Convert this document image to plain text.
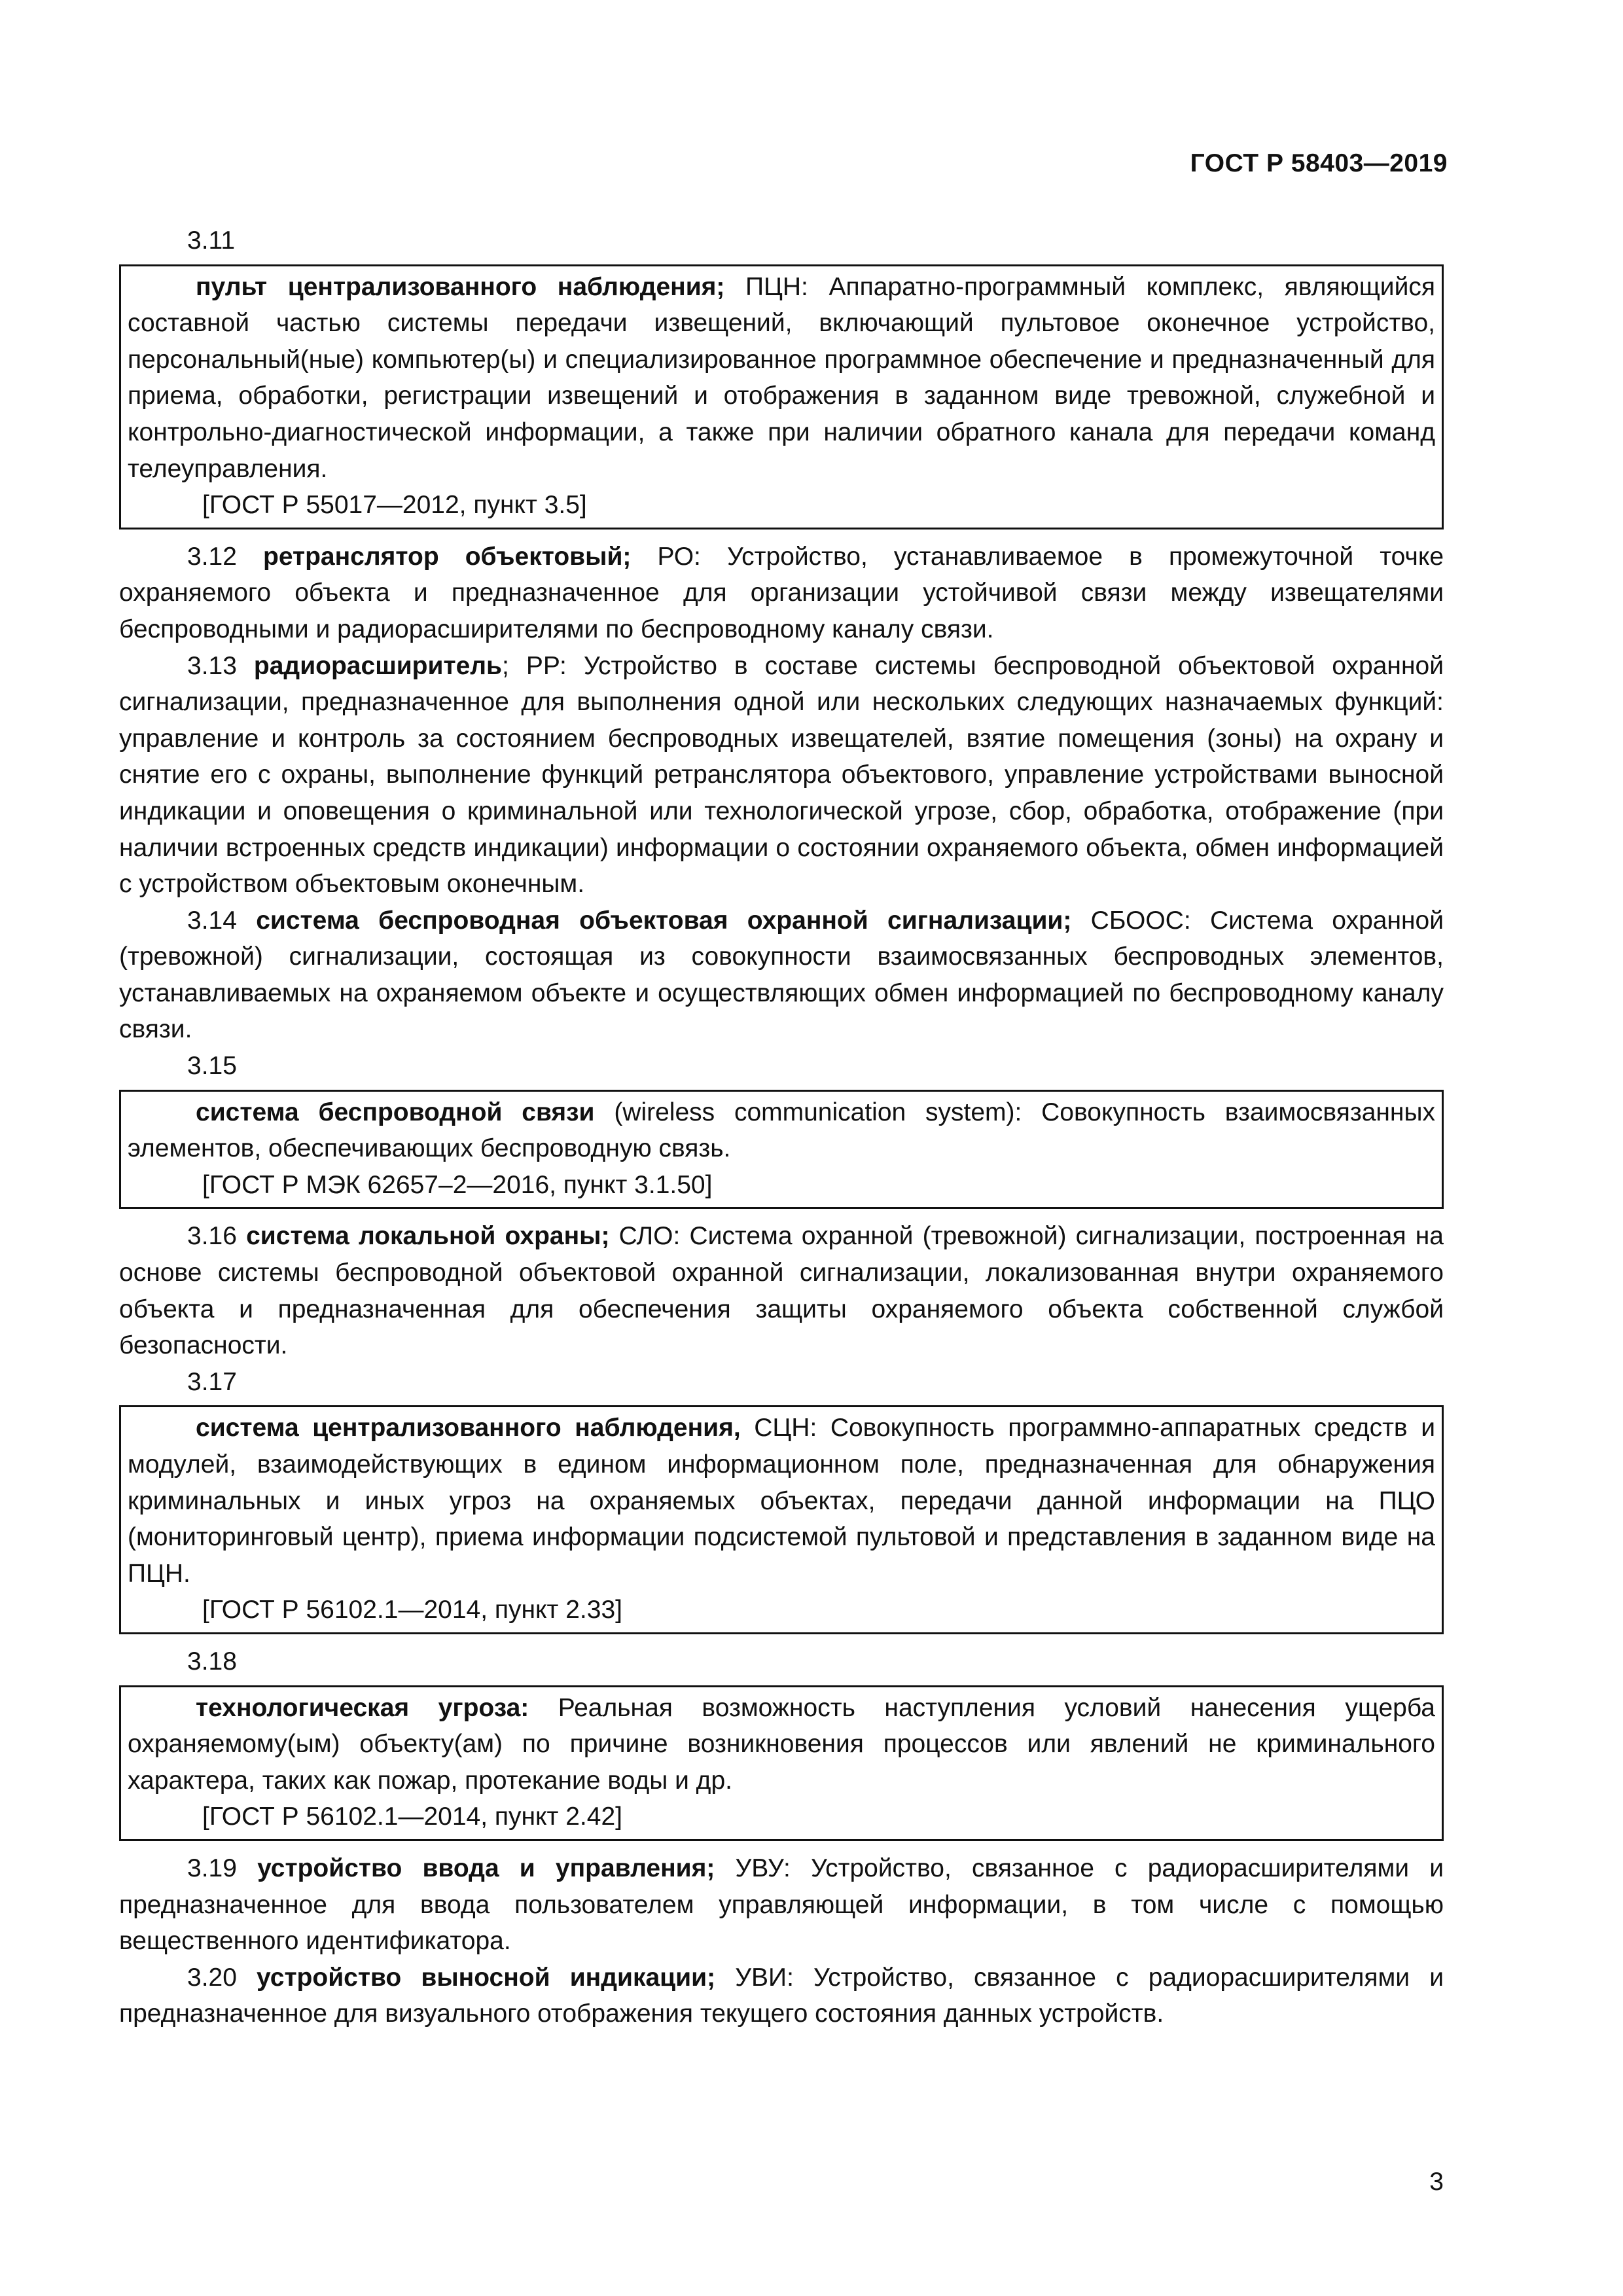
ГОСТ Р 58403—2019
3.11

пульт централизованного наблюдения; ПЦН: Аппаратно-программный комплекс, являющийся составной частью системы передачи извещений, включающий пультовое оконечное устройство, персональный(ные) компьютер(ы) и специализированное программное обеспечение и предназначенный для приема, обработки, регистрации извещений и отображения в заданном виде тревожной, служебной и контрольно-диагностической информации, а также при наличии обратного канала для передачи команд телеуправления.

[ГОСТ Р 55017—2012, пункт 3.5]

3.12 ретранслятор объектовый; РО: Устройство, устанавливаемое в промежуточной точке охраняемого объекта и предназначенное для организации устойчивой связи между извещателями беспроводными и радиорасширителями по беспроводному каналу связи.

3.13 радиорасширитель; РР: Устройство в составе системы беспроводной объектовой охранной сигнализации, предназначенное для выполнения одной или нескольких следующих назначаемых функций: управление и контроль за состоянием беспроводных извещателей, взятие помещения (зоны) на охрану и снятие его с охраны, выполнение функций ретранслятора объектового, управление устройствами выносной индикации и оповещения о криминальной или технологической угрозе, сбор, обработка, отображение (при наличии встроенных средств индикации) информации о состоянии охраняемого объекта, обмен информацией с устройством объектовым оконечным.

3.14 система беспроводная объектовая охранной сигнализации; СБООС: Система охранной (тревожной) сигнализации, состоящая из совокупности взаимосвязанных беспроводных элементов, устанавливаемых на охраняемом объекте и осуществляющих обмен информацией по беспроводному каналу связи.

3.15

система беспроводной связи (wireless communication system): Совокупность взаимосвязанных элементов, обеспечивающих беспроводную связь.

[ГОСТ Р МЭК 62657–2—2016, пункт 3.1.50]

3.16 система локальной охраны; СЛО: Система охранной (тревожной) сигнализации, построенная на основе системы беспроводной объектовой охранной сигнализации, локализованная внутри охраняемого объекта и предназначенная для обеспечения защиты охраняемого объекта собственной службой безопасности.

3.17

система централизованного наблюдения, СЦН: Совокупность программно-аппаратных средств и модулей, взаимодействующих в едином информационном поле, предназначенная для обнаружения криминальных и иных угроз на охраняемых объектах, передачи данной информации на ПЦО (мониторинговый центр), приема информации подсистемой пультовой и представления в заданном виде на ПЦН.

[ГОСТ Р 56102.1—2014, пункт 2.33]
3.18

технологическая угроза: Реальная возможность наступления условий нанесения ущерба охраняемому(ым) объекту(ам) по причине возникновения процессов или явлений не криминального характера, таких как пожар, протекание воды и др.

[ГОСТ Р 56102.1—2014, пункт 2.42]

3.19 устройство ввода и управления; УВУ: Устройство, связанное с радиорасширителями и предназначенное для ввода пользователем управляющей информации, в том числе с помощью вещественного идентификатора.

3.20 устройство выносной индикации; УВИ: Устройство, связанное с радиорасширителями и предназначенное для визуального отображения текущего состояния данных устройств.

3
